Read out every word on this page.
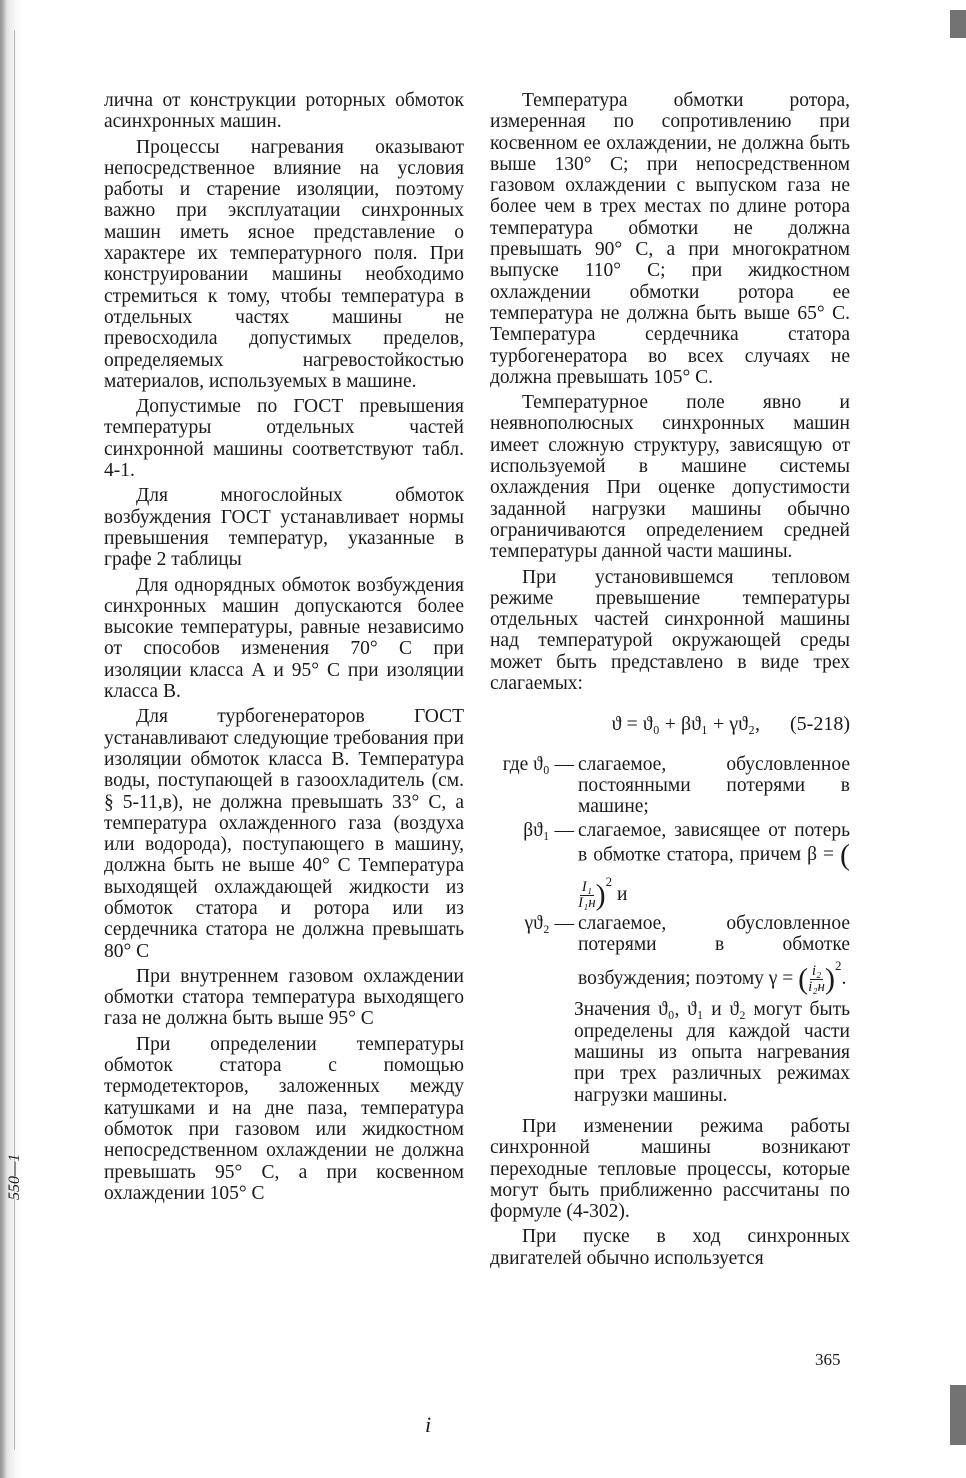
550—1

лична от конструкции роторных обмоток асинхронных машин.

Процессы нагревания оказывают непосредственное влияние на условия работы и старение изоляции, поэтому важно при эксплуатации синхронных машин иметь ясное представление о характере их температурного поля. При конструировании машины необходимо стремиться к тому, чтобы температура в отдельных частях машины не превосходила допустимых пределов, определяемых нагревостойкостью материалов, используемых в машине.

Допустимые по ГОСТ превышения температуры отдельных частей синхронной машины соответствуют табл. 4-1.

Для многослойных обмоток возбуждения ГОСТ устанавливает нормы превышения температур, указанные в графе 2 таблицы

Для однорядных обмоток возбуждения синхронных машин допускаются более высокие температуры, равные независимо от способов изменения 70° С при изоляции класса А и 95° С при изоляции класса В.

Для турбогенераторов ГОСТ устанавливают следующие требования при изоляции обмоток класса В. Температура воды, поступающей в газоохладитель (см. § 5-11,в), не должна превышать 33° С, а температура охлажденного газа (воздуха или водорода), поступающего в машину, должна быть не выше 40° С Температура выходящей охлаждающей жидкости из обмоток статора и ротора или из сердечника статора не должна превышать 80° С

При внутреннем газовом охлаждении обмотки статора температура выходящего газа не должна быть выше 95° С

При определении температуры обмоток статора с помощью термодетекторов, заложенных между катушками и на дне паза, температура обмоток при газовом или жидкостном непосредственном охлаждении не должна превышать 95° С, а при косвенном охлаждении 105° С

Температура обмотки ротора, измеренная по сопротивлению при косвенном ее охлаждении, не должна быть выше 130° С; при непосредственном газовом охлаждении с выпуском газа не более чем в трех местах по длине ротора температура обмотки не должна превышать 90° С, а при многократном выпуске 110° С; при жидкостном охлаждении обмотки ротора ее температура не должна быть выше 65° С. Температура сердечника статора турбогенератора во всех случаях не должна превышать 105° С.

Температурное поле явно и неявнополюсных синхронных машин имеет сложную структуру, зависящую от используемой в машине системы охлаждения При оценке допустимости заданной нагрузки машины обычно ограничиваются определением средней температуры данной части машины.

При установившемся тепловом режиме превышение температуры отдельных частей синхронной машины над температурой окружающей среды может быть представлено в виде трех слагаемых:

ϑ = ϑ₀ + βϑ₁ + γϑ₂, (5-218)
где ϑ₀ — слагаемое, обусловленное постоянными потерями в машине;
βϑ₁ — слагаемое, зависящее от потерь в обмотке статора, причем β = (
$\frac{\text{I₁}}{\text{I₁н}} )^2$ и
γϑ₂ — слагаемое, обусловленное потерями в обмотке возбуждения; поэтому γ = ( $\frac{\text{i₂}}{\text{i₂н}} )^2$.
Значения ϑ₀, ϑ₁ и ϑ₂ могут быть определены для каждой части машины из опыта нагревания при трех различных режимах нагрузки машины.

При изменении режима работы синхронной машины возникают переходные тепловые процессы, которые могут быть приближенно рассчитаны по формуле (4-302).

При пуске в ход синхронных двигателей обычно используется

365
i
